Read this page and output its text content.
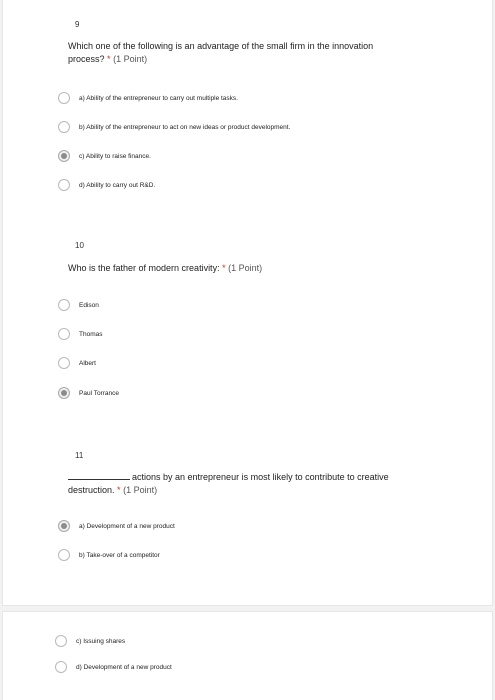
9
Which one of the following is an advantage of the small firm in the innovation
process? * (1 Point)
a) Ability of the entrepreneur to carry out multiple tasks.
b) Ability of the entrepreneur to act on new ideas or product development.
c) Ability to raise finance.
d) Ability to carry out R&D.
10
Who is the father of modern creativity: * (1 Point)
Edison
Thomas
Albert
Paul Torrance
11
actions by an entrepreneur is most likely to contribute to creative
destruction. * (1 Point)
a) Development of a new product
b) Take-over of a competitor
c) Issuing shares
d) Development of a new product
